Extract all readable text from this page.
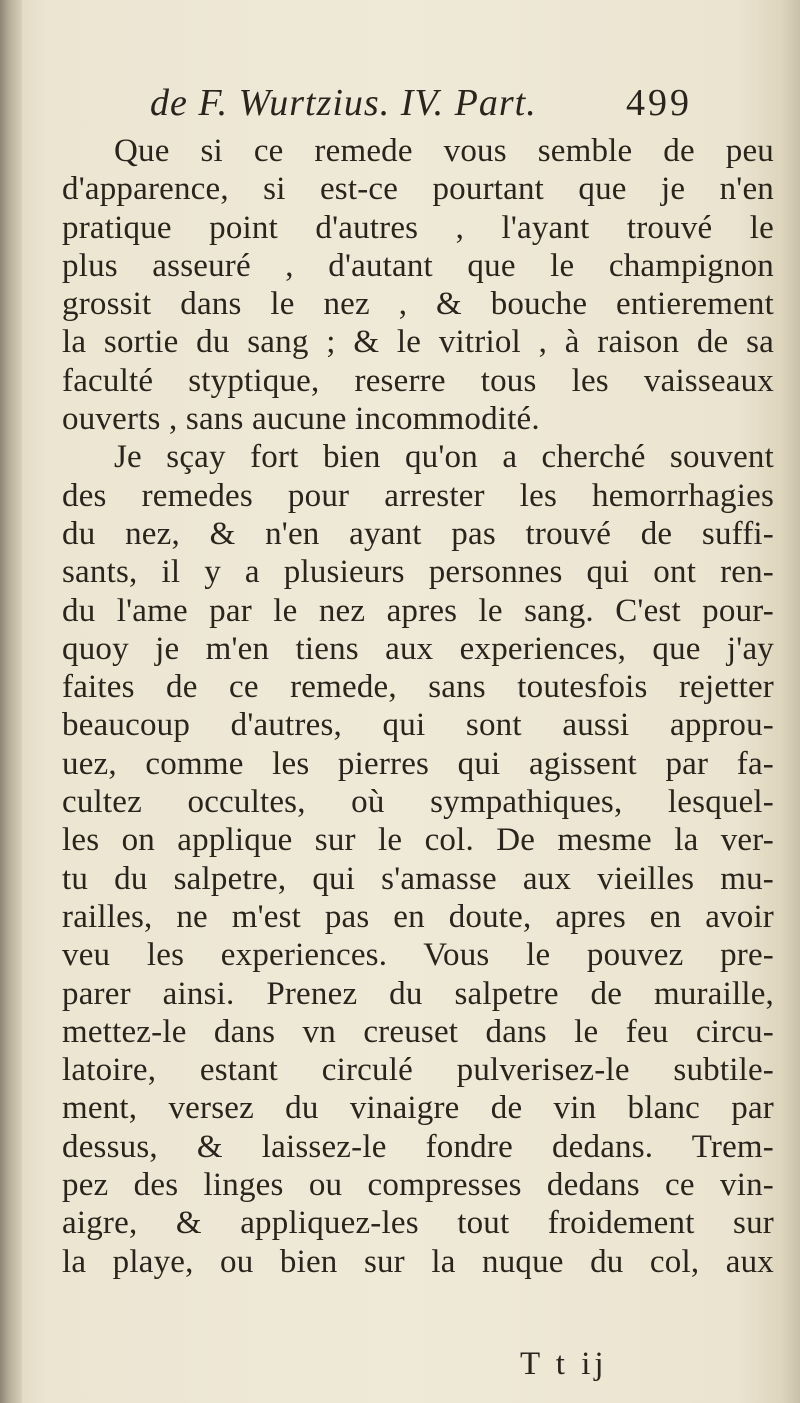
de F. Wurtzius. IV. Part. 499
Que si ce remede vous semble de peu
d'apparence, si est-ce pourtant que je n'en
pratique point d'autres , l'ayant trouvé le
plus asseuré , d'autant que le champignon
grossit dans le nez , & bouche entierement
la sortie du sang ; & le vitriol , à raison de sa
faculté styptique, reserre tous les vaisseaux
ouverts , sans aucune incommodité.
Je sçay fort bien qu'on a cherché souvent
des remedes pour arrester les hemorrhagies
du nez, & n'en ayant pas trouvé de suffi-
sants, il y a plusieurs personnes qui ont ren-
du l'ame par le nez apres le sang. C'est pour-
quoy je m'en tiens aux experiences, que j'ay
faites de ce remede, sans toutesfois rejetter
beaucoup d'autres, qui sont aussi approu-
uez, comme les pierres qui agissent par fa-
cultez occultes, où sympathiques, lesquel-
les on applique sur le col. De mesme la ver-
tu du salpetre, qui s'amasse aux vieilles mu-
railles, ne m'est pas en doute, apres en avoir
veu les experiences. Vous le pouvez pre-
parer ainsi. Prenez du salpetre de muraille,
mettez-le dans vn creuset dans le feu circu-
latoire, estant circulé pulverisez-le subtile-
ment, versez du vinaigre de vin blanc par
dessus, & laissez-le fondre dedans. Trem-
pez des linges ou compresses dedans ce vin-
aigre, & appliquez-les tout froidement sur
la playe, ou bien sur la nuque du col, aux
T t ij
